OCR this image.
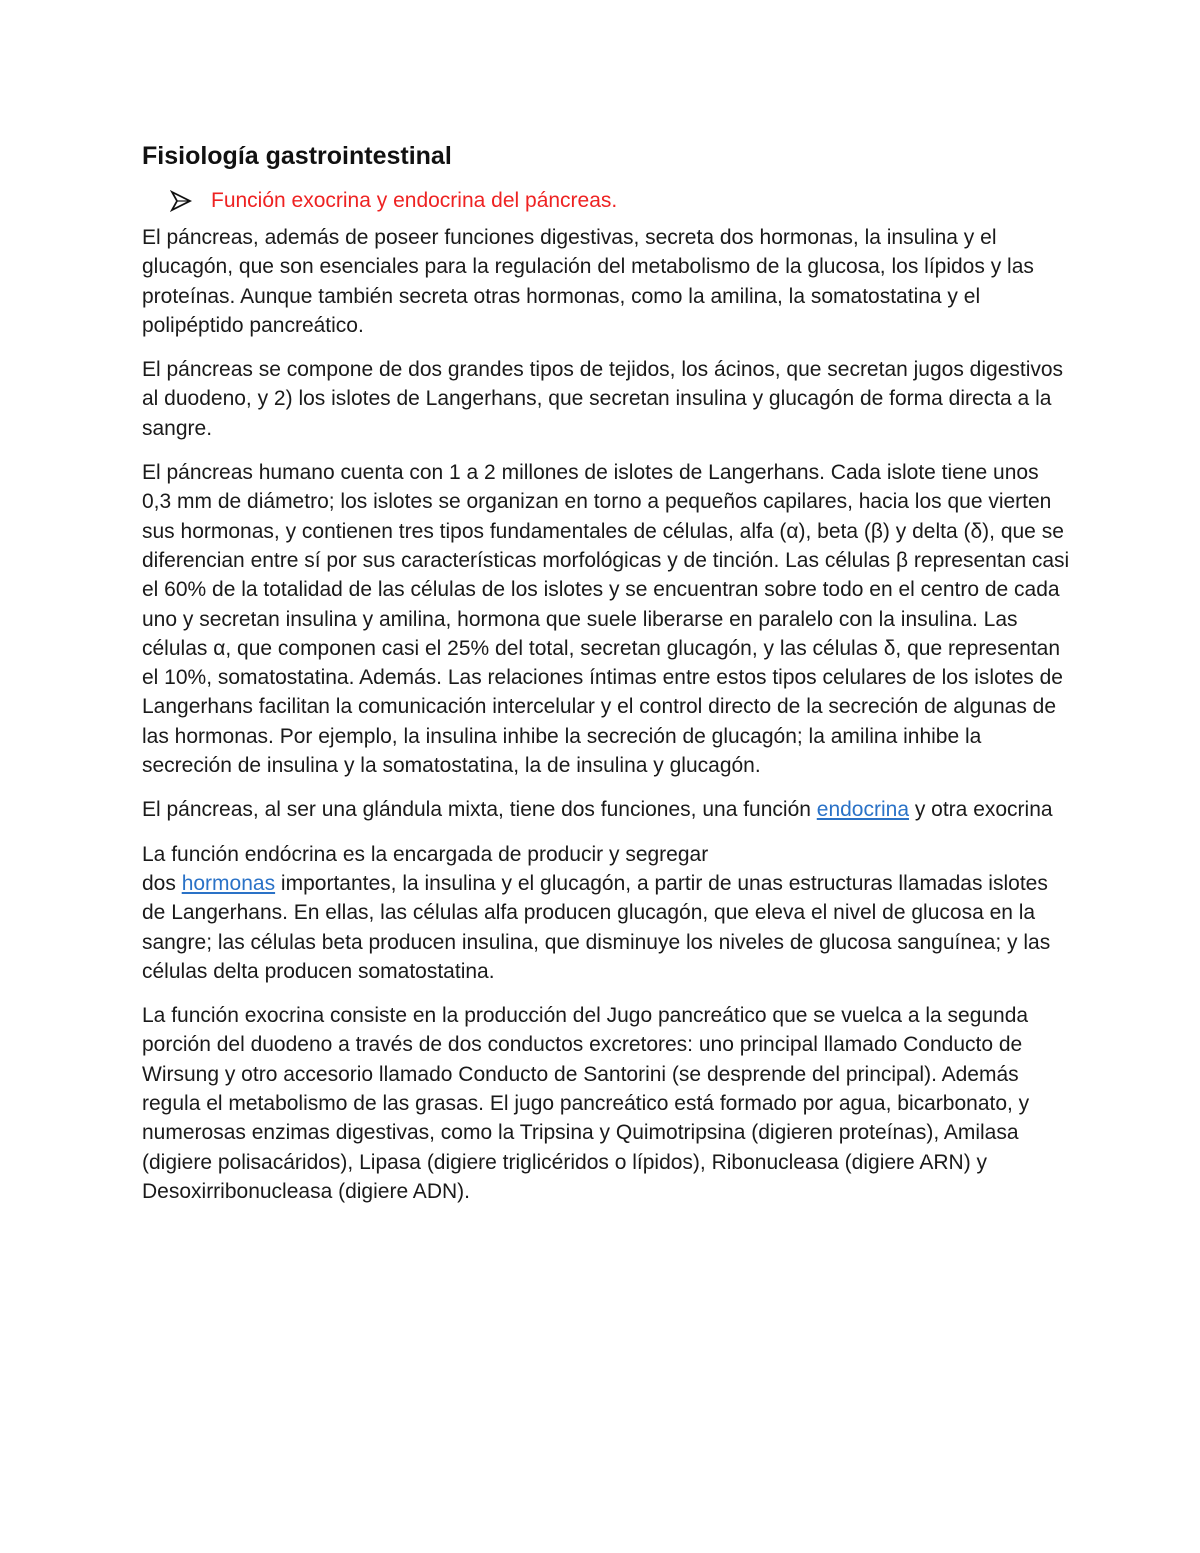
Fisiología gastrointestinal
Función exocrina y endocrina del páncreas.

El páncreas, además de poseer funciones digestivas, secreta dos hormonas, la insulina y el glucagón, que son esenciales para la regulación del metabolismo de la glucosa, los lípidos y las proteínas. Aunque también secreta otras hormonas, como la amilina, la somatostatina y el polipéptido pancreático.

El páncreas se compone de dos grandes tipos de tejidos, los ácinos, que secretan jugos digestivos al duodeno, y 2) los islotes de Langerhans, que secretan insulina y glucagón de forma directa a la sangre.

El páncreas humano cuenta con 1 a 2 millones de islotes de Langerhans. Cada islote tiene unos 0,3 mm de diámetro; los islotes se organizan en torno a pequeños capilares, hacia los que vierten sus hormonas, y contienen tres tipos fundamentales de células, alfa (α), beta (β) y delta (δ), que se diferencian entre sí por sus características morfológicas y de tinción. Las células β representan casi el 60% de la totalidad de las células de los islotes y se encuentran sobre todo en el centro de cada uno y secretan insulina y amilina, hormona que suele liberarse en paralelo con la insulina. Las células α, que componen casi el 25% del total, secretan glucagón, y las células δ, que representan el 10%, somatostatina. Además. Las relaciones íntimas entre estos tipos celulares de los islotes de Langerhans facilitan la comunicación intercelular y el control directo de la secreción de algunas de las hormonas. Por ejemplo, la insulina inhibe la secreción de glucagón; la amilina inhibe la secreción de insulina y la somatostatina, la de insulina y glucagón.

El páncreas, al ser una glándula mixta, tiene dos funciones, una función endocrina y otra exocrina

La función endócrina es la encargada de producir y segregar
dos hormonas importantes, la insulina y el glucagón, a partir de unas estructuras llamadas islotes de Langerhans. En ellas, las células alfa producen glucagón, que eleva el nivel de glucosa en la sangre; las células beta producen insulina, que disminuye los niveles de glucosa sanguínea; y las células delta producen somatostatina.

La función exocrina consiste en la producción del Jugo pancreático que se vuelca a la segunda porción del duodeno a través de dos conductos excretores: uno principal llamado Conducto de Wirsung y otro accesorio llamado Conducto de Santorini (se desprende del principal). Además regula el metabolismo de las grasas. El jugo pancreático está formado por agua, bicarbonato, y numerosas enzimas digestivas, como la Tripsina y Quimotripsina (digieren proteínas), Amilasa (digiere polisacáridos), Lipasa (digiere triglicéridos o lípidos), Ribonucleasa (digiere ARN) y Desoxirribonucleasa (digiere ADN).
